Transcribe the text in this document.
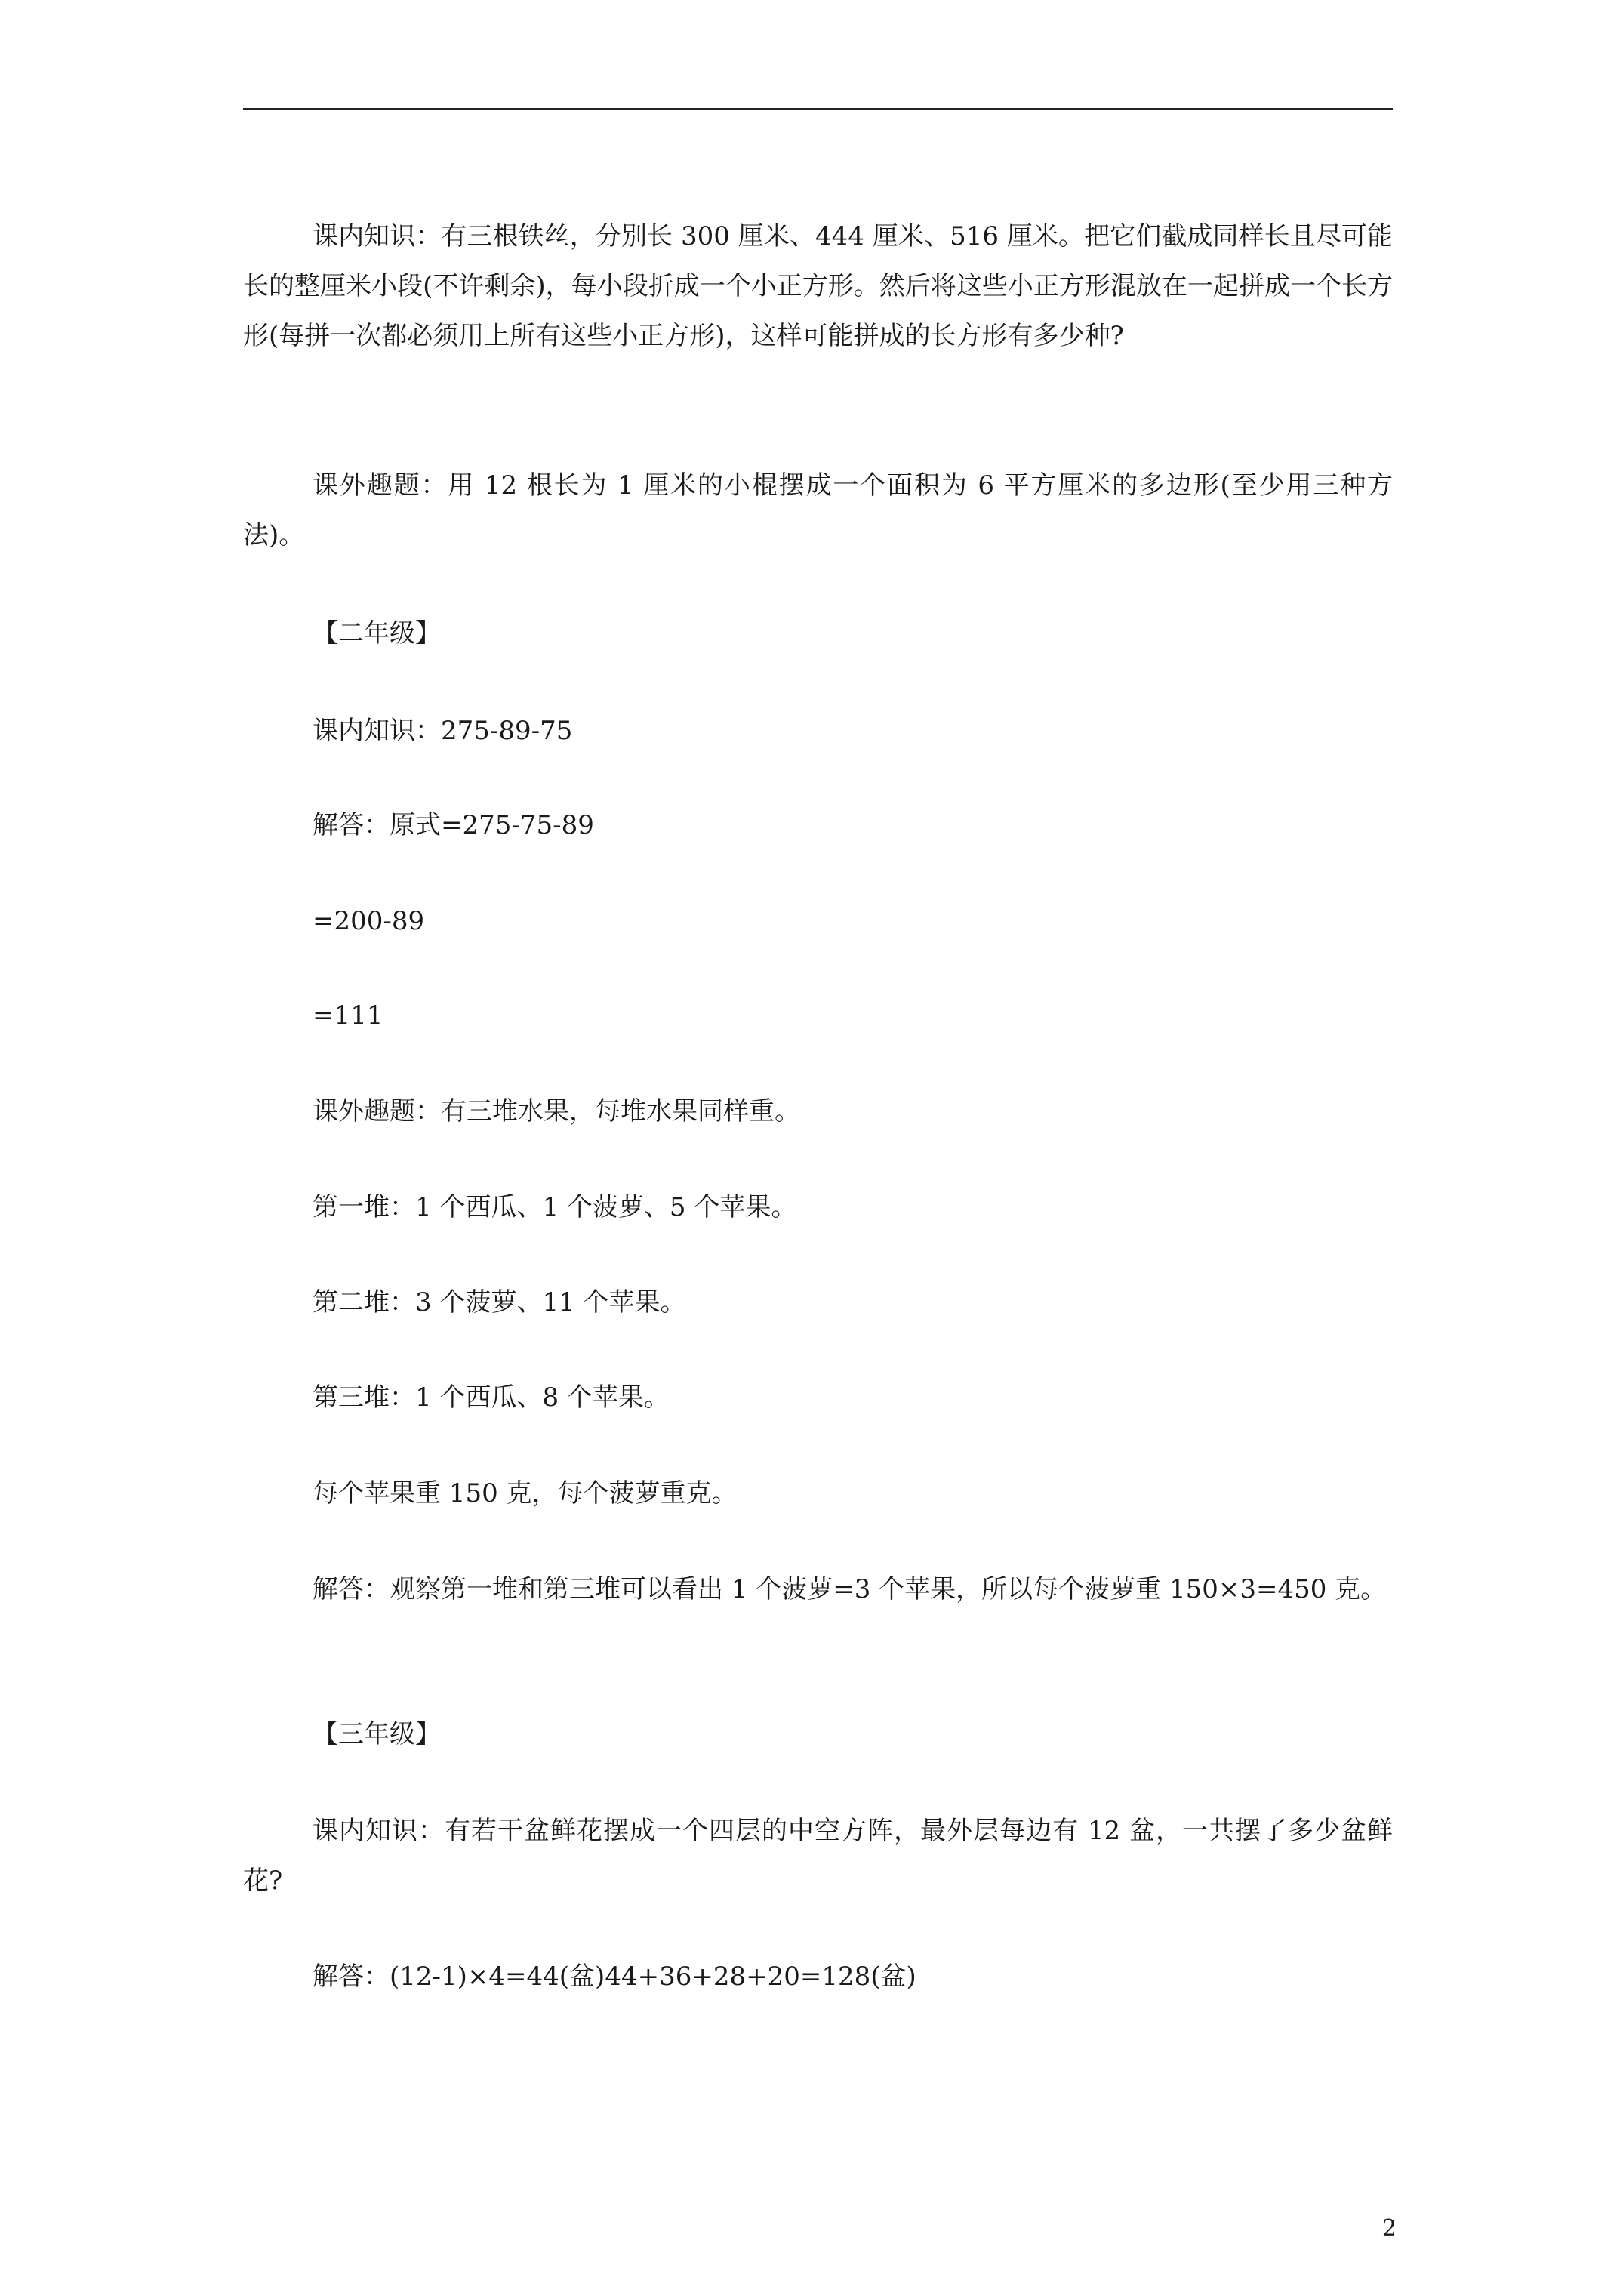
课内知识：有三根铁丝，分别长 300 厘米、444 厘米、516 厘米。把它们截成同样长且尽可能长的整厘米小段(不许剩余)，每小段折成一个小正方形。然后将这些小正方形混放在一起拼成一个长方形(每拼一次都必须用上所有这些小正方形)，这样可能拼成的长方形有多少种?

课外趣题：用 12 根长为 1 厘米的小棍摆成一个面积为 6 平方厘米的多边形(至少用三种方法)。

【二年级】

课内知识：275-89-75

解答：原式=275-75-89

=200-89

=111

课外趣题：有三堆水果，每堆水果同样重。

第一堆：1 个西瓜、1 个菠萝、5 个苹果。

第二堆：3 个菠萝、11 个苹果。

第三堆：1 个西瓜、8 个苹果。

每个苹果重 150 克，每个菠萝重克。

解答：观察第一堆和第三堆可以看出 1 个菠萝=3 个苹果，所以每个菠萝重 150×3=450 克。

【三年级】

课内知识：有若干盆鲜花摆成一个四层的中空方阵，最外层每边有 12 盆，一共摆了多少盆鲜花?

解答：(12-1)×4=44(盆)44+36+28+20=128(盆)

2
